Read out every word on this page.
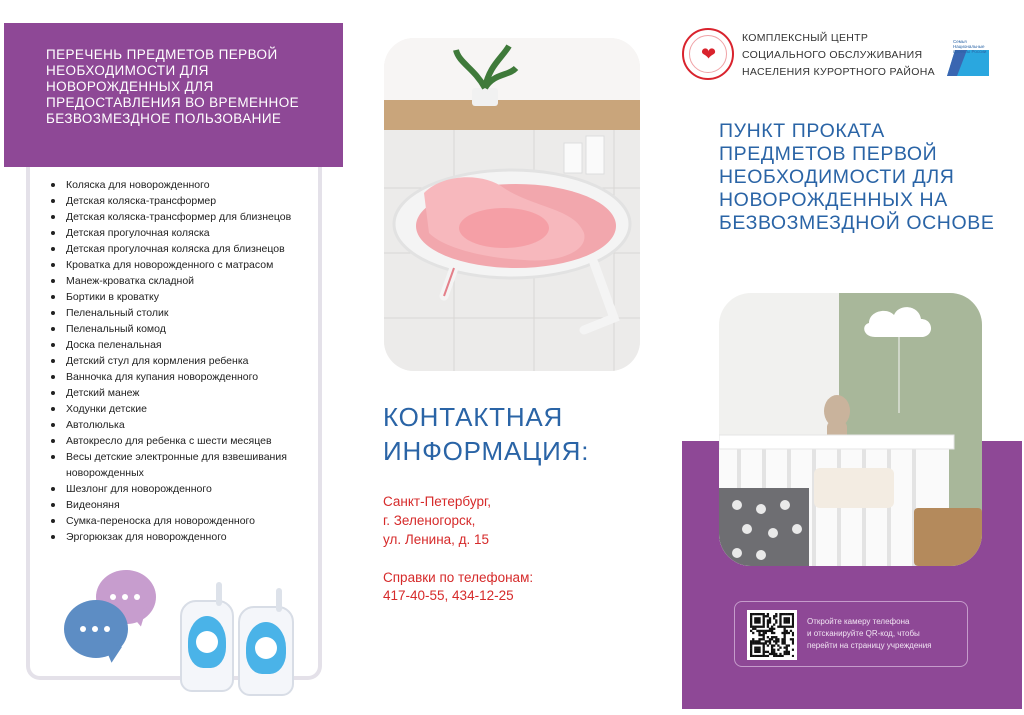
ПЕРЕЧЕНЬ ПРЕДМЕТОВ ПЕРВОЙ НЕОБХОДИМОСТИ ДЛЯ НОВОРОЖДЕННЫХ ДЛЯ ПРЕДОСТАВЛЕНИЯ ВО ВРЕМЕННОЕ БЕЗВОЗМЕЗДНОЕ ПОЛЬЗОВАНИЕ
Коляска для новорожденного
Детская коляска-трансформер
Детская коляска-трансформер для близнецов
Детская прогулочная коляска
Детская прогулочная коляска для близнецов
Кроватка для новорожденного с матрасом
Манеж-кроватка складной
Бортики в кроватку
Пеленальный столик
Пеленальный комод
Доска пеленальная
Детский стул для кормления ребенка
Ванночка для купания новорожденного
Детский манеж
Ходунки детские
Автолюлька
Автокресло для ребенка с шести месяцев
Весы детские электронные для взвешивания новорожденных
Шезлонг для новорожденного
Видеоняня
Сумка-переноска для новорожденного
Эргорюкзак для новорожденного
КОНТАКТНАЯ ИНФОРМАЦИЯ:
Санкт-Петербург,
г. Зеленогорск,
ул. Ленина, д. 15
Справки по телефонам:
417-40-55, 434-12-25
❤
КОМПЛЕКСНЫЙ ЦЕНТР
СОЦИАЛЬНОГО ОБСЛУЖИВАНИЯ
НАСЕЛЕНИЯ КУРОРТНОГО РАЙОНА
Семья Национальные проекты России
ПУНКТ ПРОКАТА ПРЕДМЕТОВ ПЕРВОЙ НЕОБХОДИМОСТИ ДЛЯ НОВОРОЖДЕННЫХ НА БЕЗВОЗМЕЗДНОЙ ОСНОВЕ
Откройте камеру телефона
и отсканируйте QR-код, чтобы
перейти на страницу учреждения
